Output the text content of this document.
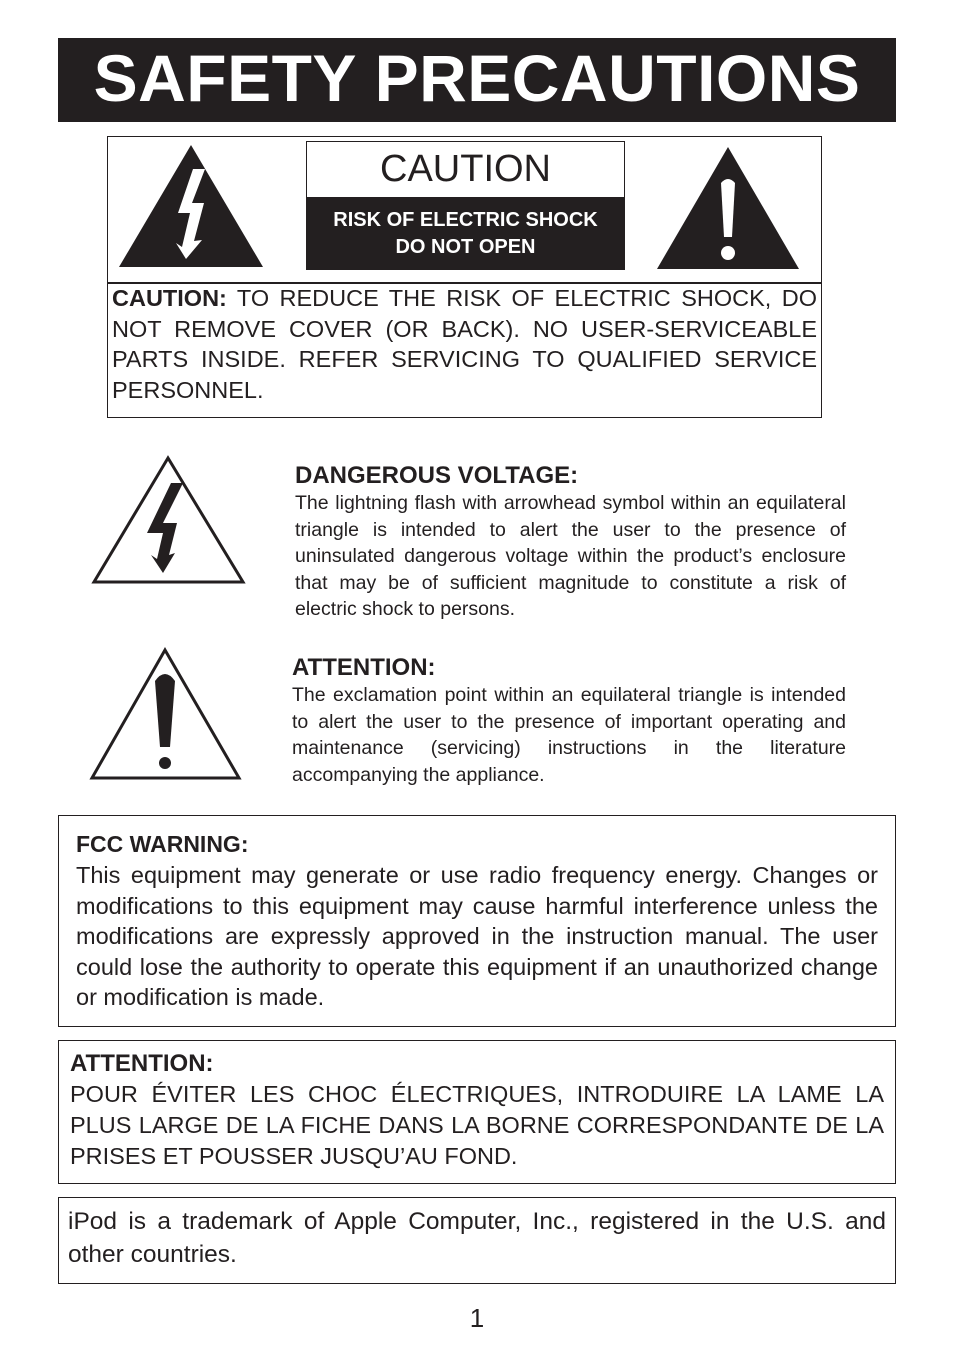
SAFETY PRECAUTIONS
CAUTION
RISK OF ELECTRIC SHOCK
DO NOT OPEN
CAUTION: TO REDUCE THE RISK OF ELECTRIC SHOCK, DO NOT REMOVE COVER (OR BACK). NO USER-SERVICEABLE PARTS INSIDE. REFER SERVICING TO QUALIFIED SERVICE PERSONNEL.
DANGEROUS VOLTAGE:
The lightning flash with arrowhead symbol within an equilateral triangle is intended to alert the user to the presence of uninsulated dangerous voltage within the product’s enclosure that may be of sufficient magnitude to constitute a risk of electric shock to persons.
ATTENTION:
The exclamation point within an equilateral triangle is intended to alert the user to the presence of important operating and maintenance (servicing) instructions in the literature accompanying the appliance.
FCC WARNING:
This equipment may generate or use radio frequency energy. Changes or modifications to this equipment may cause harmful interference unless the modifications are expressly approved in the instruction manual. The user could lose the authority to operate this equipment if an unauthorized change or modification is made.
ATTENTION:
POUR ÉVITER LES CHOC ÉLECTRIQUES, INTRODUIRE LA LAME LA PLUS LARGE DE LA FICHE DANS LA BORNE CORRESPONDANTE DE LA PRISES ET POUSSER JUSQU’AU FOND.
iPod is a trademark of Apple Computer, Inc., registered in the U.S. and other countries.
1
